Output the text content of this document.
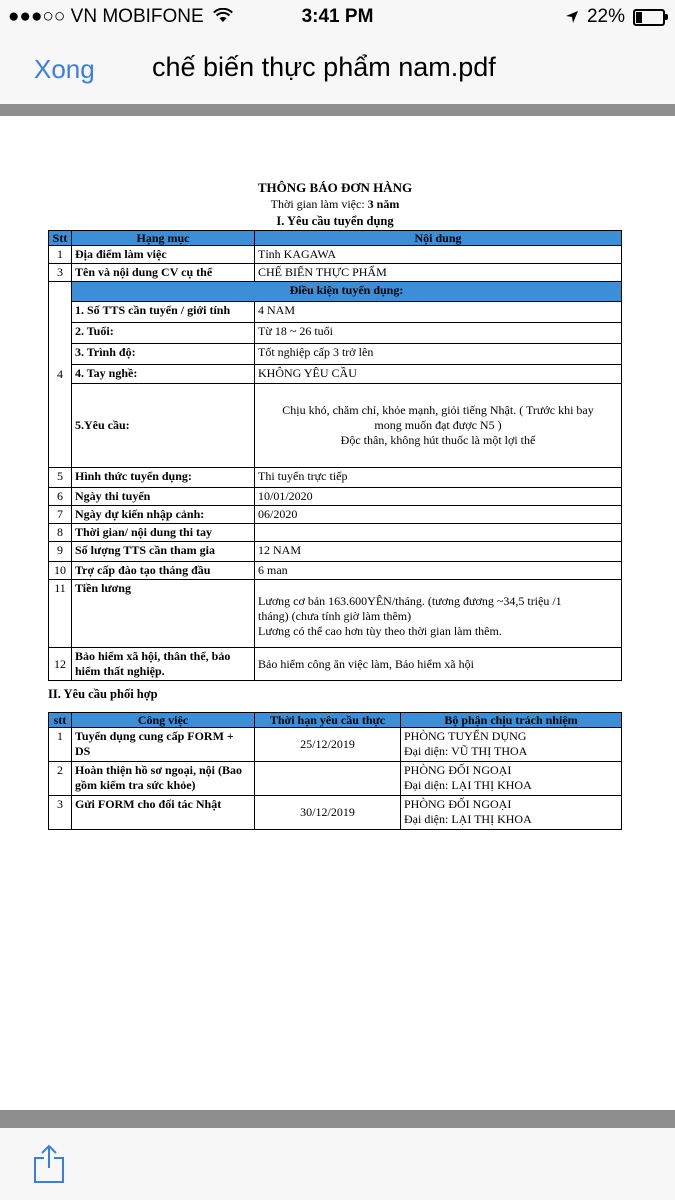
●●●○○ VN MOBIFONE	3:41 PM	22%
Xong chế biến thực phẩm nam.pdf
THÔNG BÁO ĐƠN HÀNG
Thời gian làm việc: 3 năm
I. Yêu cầu tuyển dụng
Stt	Hạng mục	Nội dung
1	Địa điểm làm việc	Tỉnh KAGAWA
3	Tên và nội dung CV cụ thể	CHẾ BIẾN THỰC PHẨM
4	Điều kiện tuyển dụng:	
	1. Số TTS cần tuyển / giới tính	4 NAM
	2. Tuổi:	Từ 18 ~ 26 tuổi
	3. Trình độ:	Tốt nghiệp cấp 3 trở lên
	4. Tay nghề:	KHÔNG YÊU CẦU
	5.Yêu cầu:	Chịu khó, chăm chỉ, khỏe mạnh, giỏi tiếng Nhật. ( Trước khi bay
mong muốn đạt được N5 )
Độc thân, không hút thuốc là một lợi thế

5	Hình thức tuyển dụng:	Thi tuyển trực tiếp
6	Ngày thi tuyển	10/01/2020
7	Ngày dự kiến nhập cảnh:	06/2020
8	Thời gian/ nội dung thi tay	
9	Số lượng TTS cần tham gia	12 NAM
10	Trợ cấp đào tạo tháng đầu	6 man
11	Tiền lương	Lương cơ bản 163.600YÊN/tháng. (tương đương ~34,5 triệu /1
tháng) (chưa tính giờ làm thêm)
Lương có thể cao hơn tùy theo thời gian làm thêm.

12	Bảo hiểm xã hội, thân thể, bảo hiểm thất nghiệp.	Bảo hiểm công ăn việc làm, Bảo hiểm xã hội
II. Yêu cầu phối hợp
stt	Công việc	Thời hạn yêu cầu thực	Bộ phận chịu trách nhiệm
1	Tuyển dụng cung cấp FORM + DS	25/12/2019	PHÒNG TUYỂN DỤNG
Đại diện: VŨ THỊ THOA

2	Hoàn thiện hồ sơ ngoại, nội (Bao gồm kiểm tra sức khỏe)		PHÒNG ĐỐI NGOẠI
Đại diện: LẠI THỊ KHOA

3	Gửi FORM cho đối tác Nhật	30/12/2019	PHÒNG ĐỐI NGOẠI
Đại diện: LẠI THỊ KHOA
